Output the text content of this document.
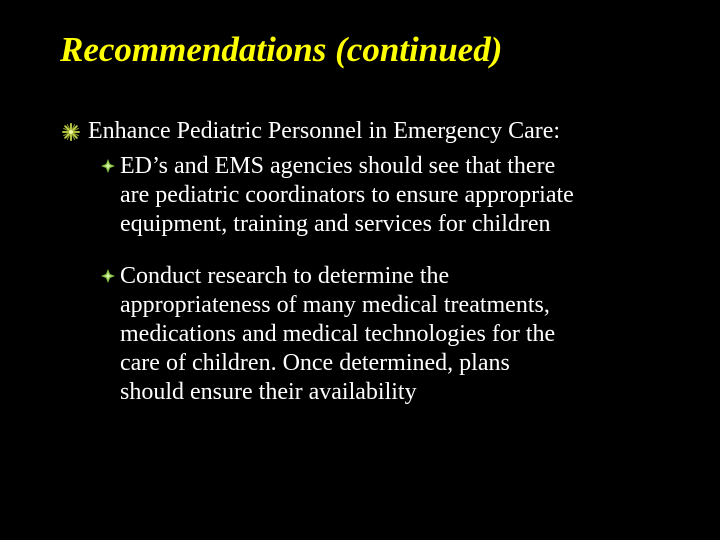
Recommendations (continued)
Enhance Pediatric Personnel in Emergency Care:
ED’s and EMS agencies should see that there
are pediatric coordinators to ensure appropriate
equipment, training and services for children
Conduct research to determine the
appropriateness of many medical treatments,
medications and medical technologies for the
care of children. Once determined, plans
should ensure their availability
